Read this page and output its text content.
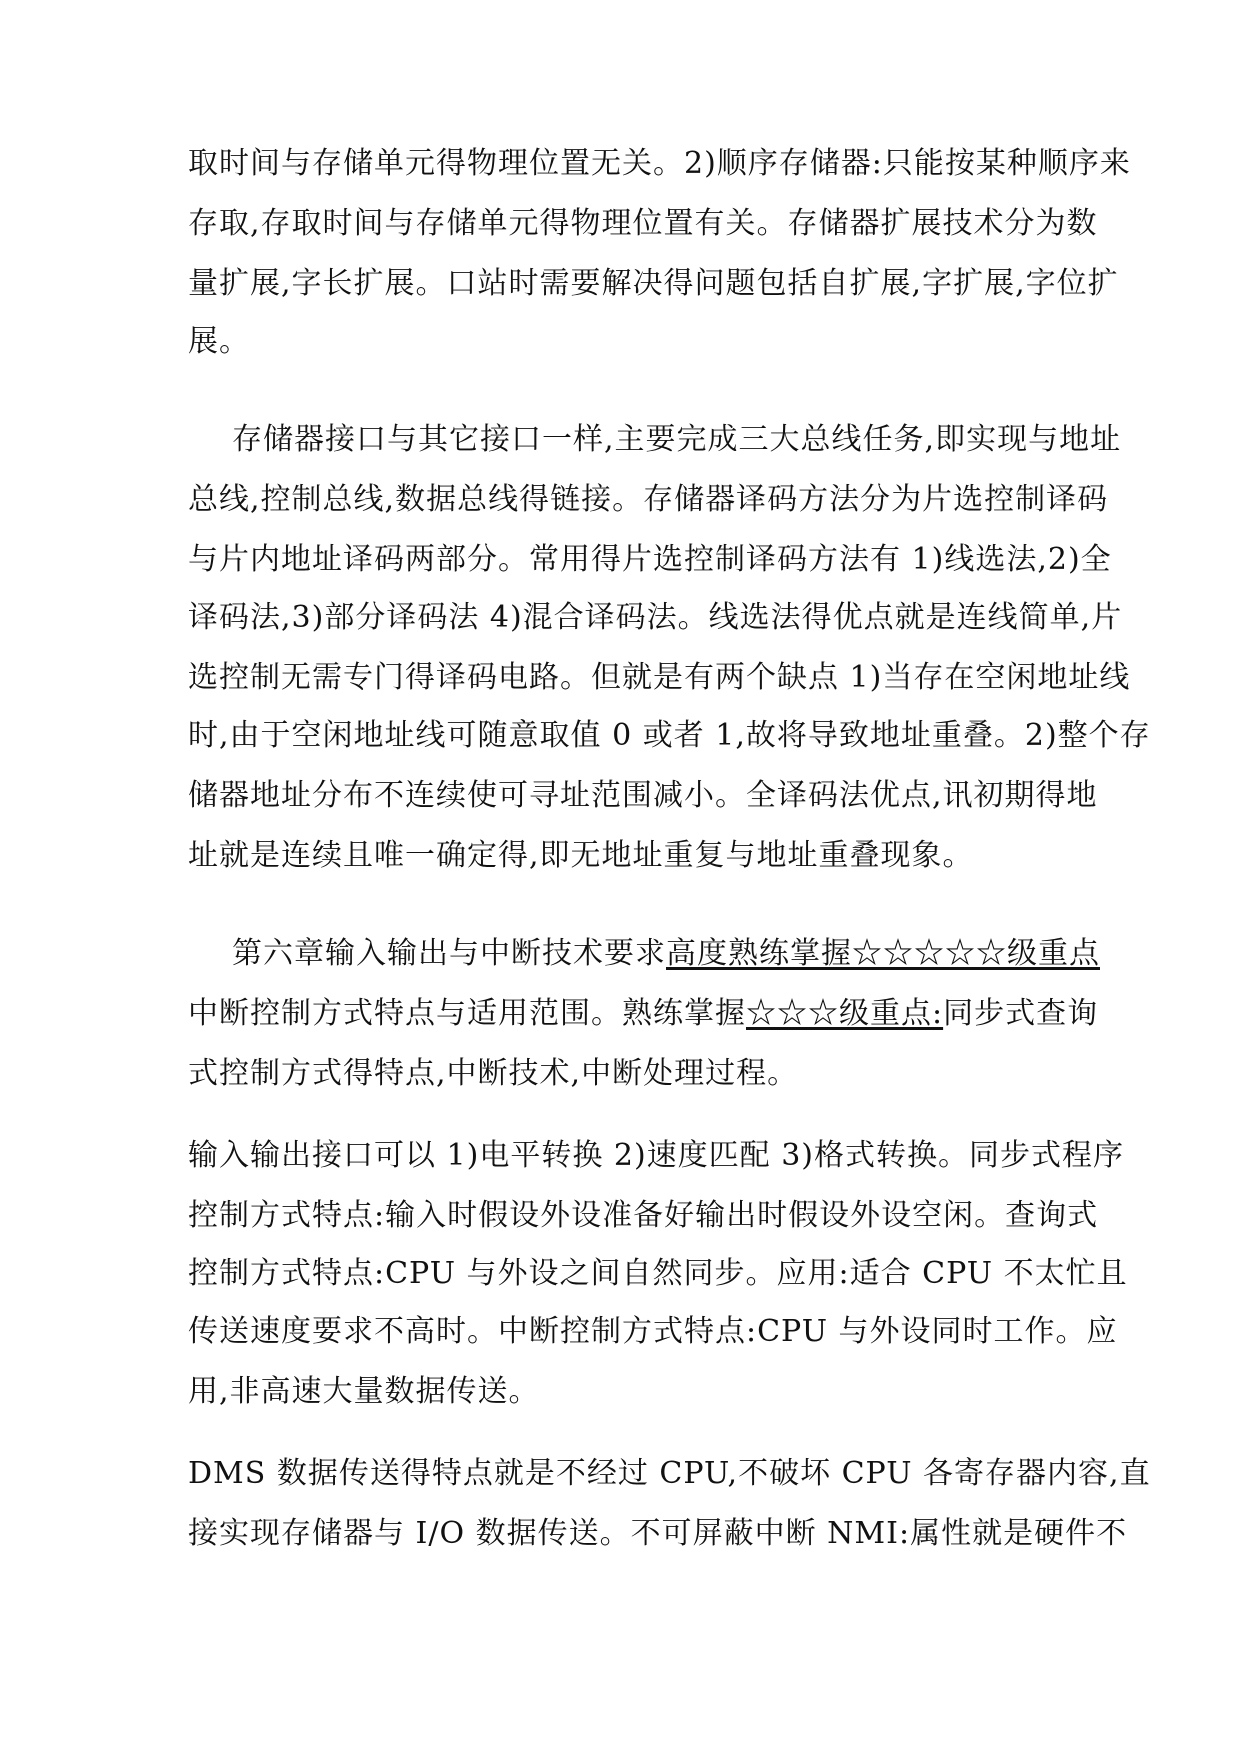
取时间与存储单元得物理位置无关。2)顺序存储器:只能按某种顺序来
存取,存取时间与存储单元得物理位置有关。存储器扩展技术分为数
量扩展,字长扩展。口站时需要解决得问题包括自扩展,字扩展,字位扩
展。
存储器接口与其它接口一样,主要完成三大总线任务,即实现与地址
总线,控制总线,数据总线得链接。存储器译码方法分为片选控制译码
与片内地址译码两部分。常用得片选控制译码方法有 1)线选法,2)全
译码法,3)部分译码法 4)混合译码法。线选法得优点就是连线简单,片
选控制无需专门得译码电路。但就是有两个缺点 1)当存在空闲地址线
时,由于空闲地址线可随意取值 0 或者 1,故将导致地址重叠。2)整个存
储器地址分布不连续使可寻址范围减小。全译码法优点,讯初期得地
址就是连续且唯一确定得,即无地址重复与地址重叠现象。
第六章输入输出与中断技术要求高度熟练掌握☆☆☆☆☆级重点
中断控制方式特点与适用范围。熟练掌握☆☆☆级重点:同步式查询
式控制方式得特点,中断技术,中断处理过程。
输入输出接口可以 1)电平转换 2)速度匹配 3)格式转换。同步式程序
控制方式特点:输入时假设外设准备好输出时假设外设空闲。查询式
控制方式特点:CPU 与外设之间自然同步。应用:适合 CPU 不太忙且
传送速度要求不高时。中断控制方式特点:CPU 与外设同时工作。应
用,非高速大量数据传送。
DMS 数据传送得特点就是不经过 CPU,不破坏 CPU 各寄存器内容,直
接实现存储器与 I/O 数据传送。不可屏蔽中断 NMI:属性就是硬件不
